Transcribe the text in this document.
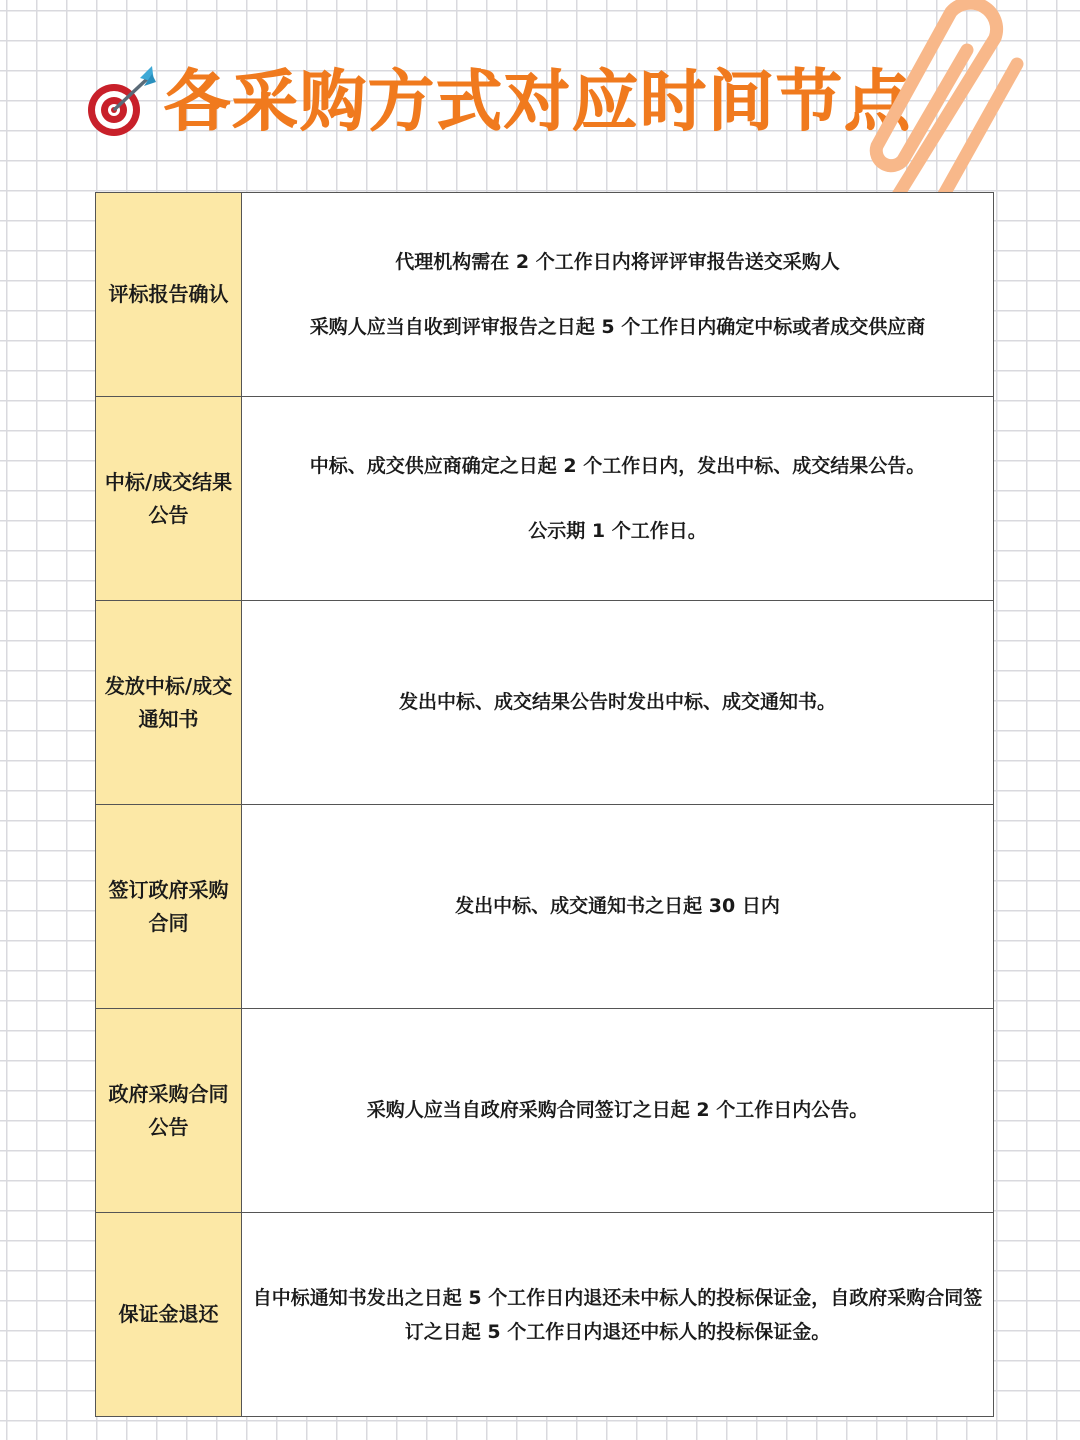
各采购方式对应时间节点
评标报告确认	代理机构需在 2 个工作日内将评评审报告送交采购人
采购人应当自收到评审报告之日起 5 个工作日内确定中标或者成交供应商

中标/成交结果公告	中标、成交供应商确定之日起 2 个工作日内，发出中标、成交结果公告。
公示期 1 个工作日。

发放中标/成交通知书	发出中标、成交结果公告时发出中标、成交通知书。

签订政府采购合同	发出中标、成交通知书之日起 30 日内

政府采购合同公告	采购人应当自政府采购合同签订之日起 2 个工作日内公告。

保证金退还	自中标通知书发出之日起 5 个工作日内退还未中标人的投标保证金，自政府采购合同签订之日起 5 个工作日内退还中标人的投标保证金。
